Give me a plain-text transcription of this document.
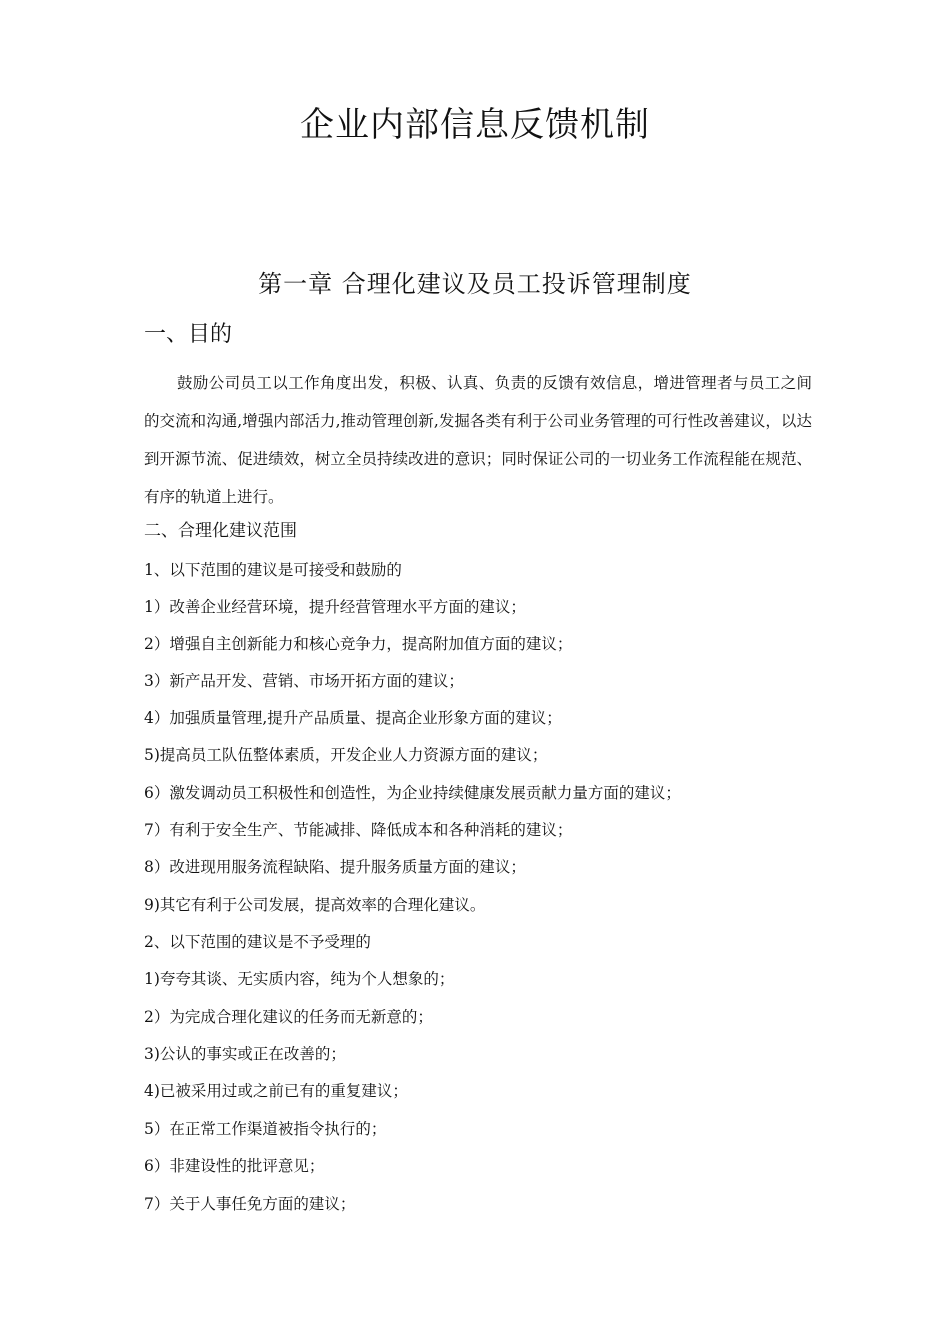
企业内部信息反馈机制
第一章 合理化建议及员工投诉管理制度
一、目的

鼓励公司员工以工作角度出发，积极、认真、负责的反馈有效信息，增进管理者与员工之间的交流和沟通,增强内部活力,推动管理创新,发掘各类有利于公司业务管理的可行性改善建议，以达到开源节流、促进绩效，树立全员持续改进的意识；同时保证公司的一切业务工作流程能在规范、有序的轨道上进行。

二、合理化建议范围

1、以下范围的建议是可接受和鼓励的

1）改善企业经营环境，提升经营管理水平方面的建议；

2）增强自主创新能力和核心竞争力，提高附加值方面的建议；

3）新产品开发、营销、市场开拓方面的建议；

4）加强质量管理,提升产品质量、提高企业形象方面的建议；

5)提高员工队伍整体素质，开发企业人力资源方面的建议；

6）激发调动员工积极性和创造性，为企业持续健康发展贡献力量方面的建议；

7）有利于安全生产、节能减排、降低成本和各种消耗的建议；

8）改进现用服务流程缺陷、提升服务质量方面的建议；

9)其它有利于公司发展，提高效率的合理化建议。

2、以下范围的建议是不予受理的

1)夸夸其谈、无实质内容，纯为个人想象的；

2）为完成合理化建议的任务而无新意的；

3)公认的事实或正在改善的；

4)已被采用过或之前已有的重复建议；

5）在正常工作渠道被指令执行的；

6）非建设性的批评意见；

7）关于人事任免方面的建议；
